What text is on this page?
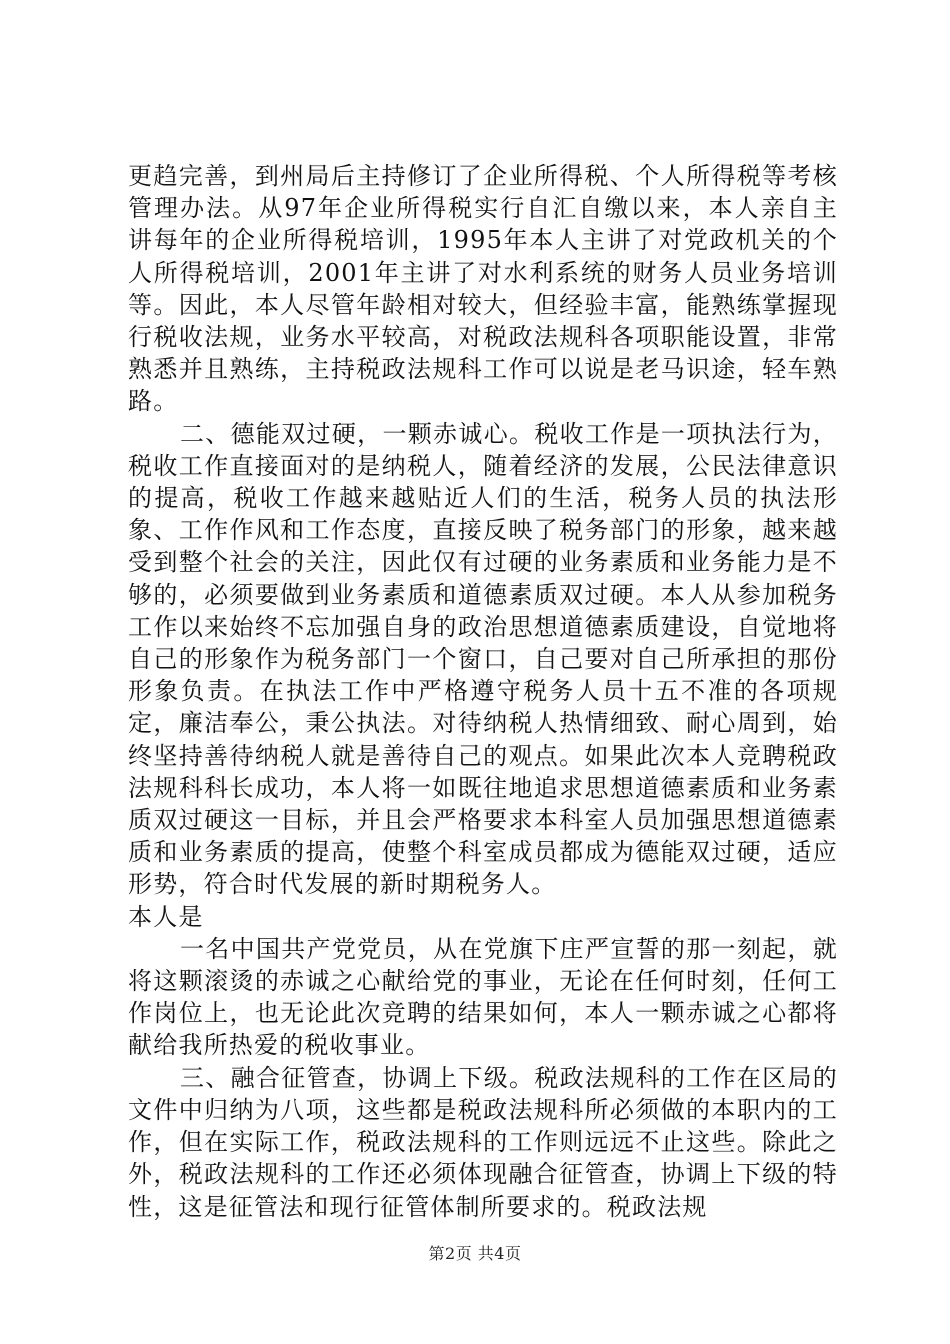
更趋完善，到州局后主持修订了企业所得税、个人所得税等考核管理办法。从97年企业所得税实行自汇自缴以来，本人亲自主讲每年的企业所得税培训，1995年本人主讲了对党政机关的个人所得税培训，2001年主讲了对水利系统的财务人员业务培训等。因此，本人尽管年龄相对较大，但经验丰富，能熟练掌握现行税收法规，业务水平较高，对税政法规科各项职能设置，非常熟悉并且熟练，主持税政法规科工作可以说是老马识途，轻车熟路。

二、德能双过硬，一颗赤诚心。税收工作是一项执法行为，税收工作直接面对的是纳税人，随着经济的发展，公民法律意识的提高，税收工作越来越贴近人们的生活，税务人员的执法形象、工作作风和工作态度，直接反映了税务部门的形象，越来越受到整个社会的关注，因此仅有过硬的业务素质和业务能力是不够的，必须要做到业务素质和道德素质双过硬。本人从参加税务工作以来始终不忘加强自身的政治思想道德素质建设，自觉地将自己的形象作为税务部门一个窗口，自己要对自己所承担的那份形象负责。在执法工作中严格遵守税务人员十五不准的各项规定，廉洁奉公，秉公执法。对待纳税人热情细致、耐心周到，始终坚持善待纳税人就是善待自己的观点。如果此次本人竞聘税政法规科科长成功，本人将一如既往地追求思想道德素质和业务素质双过硬这一目标，并且会严格要求本科室人员加强思想道德素质和业务素质的提高，使整个科室成员都成为德能双过硬，适应形势，符合时代发展的新时期税务人。

本人是

一名中国共产党党员，从在党旗下庄严宣誓的那一刻起，就将这颗滚烫的赤诚之心献给党的事业，无论在任何时刻，任何工作岗位上，也无论此次竞聘的结果如何，本人一颗赤诚之心都将献给我所热爱的税收事业。

三、融合征管查，协调上下级。税政法规科的工作在区局的文件中归纳为八项，这些都是税政法规科所必须做的本职内的工作，但在实际工作，税政法规科的工作则远远不止这些。除此之外，税政法规科的工作还必须体现融合征管查，协调上下级的特性，这是征管法和现行征管体制所要求的。税政法规

第2页 共4页
